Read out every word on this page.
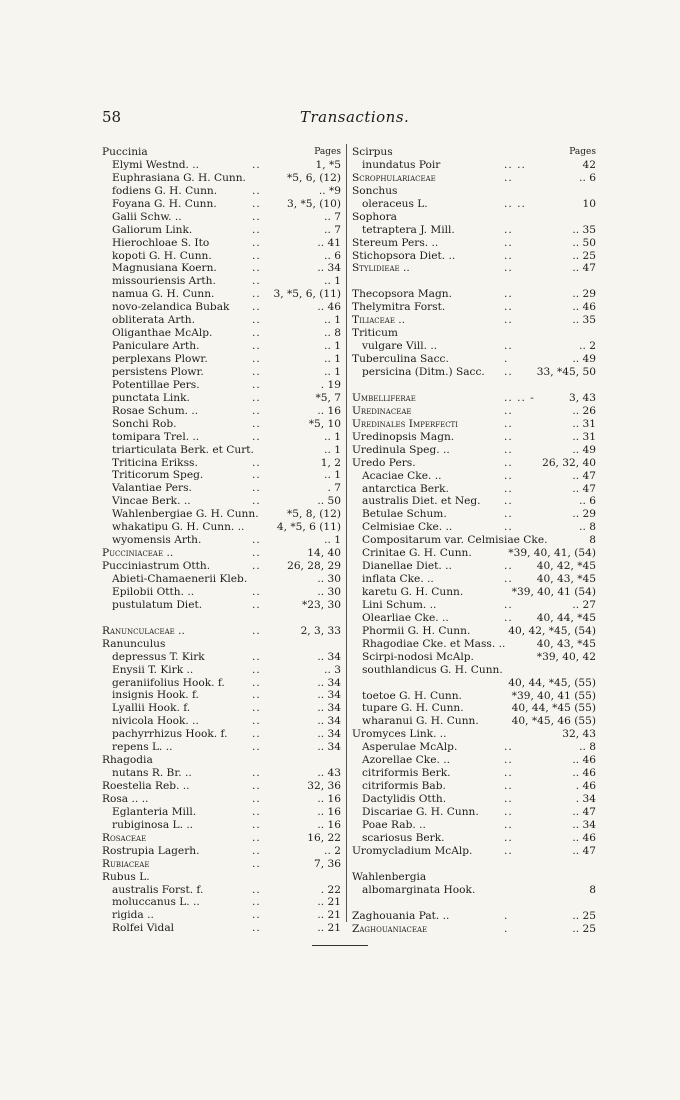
58	Transactions.
Puccinia	Pages
Elymi Westnd. ..	..	1, *5
Euphrasiana G. H. Cunn.	*5, 6, (12)
fodiens G. H. Cunn.	..	.. *9
Foyana G. H. Cunn.	.. 3, *5, (10)
Galii Schw. ..	..	.. 7
Galiorum Link.	..	.. 7
Hierochloae S. Ito	..	.. 41
kopoti G. H. Cunn.	..	.. 6
Magnusiana Koern.	..	.. 34
missouriensis Arth.	..	.. 1
namua G. H. Cunn.	.. 3, *5, 6, (11)
novo-zelandica Bubak ..	.. 46
obliterata Arth.	..	.. 1
Oliganthae McAlp.	..	.. 8
Paniculare Arth.	..	.. 1
perplexans Plowr.	..	.. 1
persistens Plowr.	..	.. 1
Potentillae Pers.	..	. 19
punctata Link.	..	*5, 7
Rosae Schum. ..	..	.. 16
Sonchi Rob.	..	*5, 10
tomipara Trel. ..	..	.. 1
triarticulata Berk. et Curt.	.. 1
Triticina Erikss.	..	1, 2
Triticorum Speg.	..	.. 1
Valantiae Pers.	..	. 7
Vincae Berk. ..	..	.. 50
Wahlenbergiae G. H. Cunn.	*5, 8, (12)
whakatipu G. H. Cunn. ..	4, *5, 6 (11)
wyomensis Arth.	..	.. 1
Pucciniaceae ..	..	14, 40
Pucciniastrum Otth.	.. 26, 28, 29
Abieti-Chamaenerii Kleb.	.. 30
Epilobii Otth. ..	..	.. 30
pustulatum Diet.	..	*23, 30
Ranunculaceae ..	..	2, 3, 33
Ranunculus
depressus T. Kirk	..	.. 34
Enysii T. Kirk ..	..	.. 3
geraniifolius Hook. f.	..	.. 34
insignis Hook. f.	..	.. 34
Lyallii Hook. f.	..	.. 34
nivicola Hook. ..	..	.. 34
pachyrrhizus Hook. f. ..	.. 34
repens L. ..	..	.. 34
Rhagodia
nutans R. Br. ..	..	.. 43
Roestelia Reb. ..	..	32, 36
Rosa .. ..	..	.. 16
Eglanteria Mill.	..	.. 16
rubiginosa L. ..	..	.. 16
Rosaceae	..	16, 22
Rostrupia Lagerh.	..	.. 2
Rubiaceae	..	7, 36
Rubus L.
australis Forst. f.	..	. 22
moluccanus L. ..	..	.. 21
rigida ..	..	.. 21
Rolfei Vidal	..	.. 21
Scirpus	Pages
inundatus Poir	.. ..	42
Scrophulariaceae	..	.. 6
Sonchus
oleraceus L.	.. ..	10
Sophora
tetraptera J. Mill.	..	.. 35
Stereum Pers. ..	..	.. 50
Stichopsora Diet. ..	..	.. 25
Stylidieae ..	..	.. 47
Thecopsora Magn.	..	.. 29
Thelymitra Forst.	..	.. 46
Tiliaceae ..	..	.. 35
Triticum
vulgare Vill. ..	..	.. 2
Tuberculina Sacc.	.	.. 49
persicina (Ditm.) Sacc. .. 33, *45, 50
Umbelliferae	.. .. -	3, 43
Uredinaceae	..	.. 26
Uredinales Imperfecti	..	.. 31
Uredinopsis Magn.	..	.. 31
Uredinula Speg. ..	..	.. 49
Uredo Pers.	..	26, 32, 40
Acaciae Cke. ..	..	.. 47
antarctica Berk.	..	.. 47
australis Diet. et Neg. ..	.. 6
Betulae Schum.	..	.. 29
Celmisiae Cke. ..	..	.. 8
Compositarum var. Celmisiae Cke.	8
Crinitae G. H. Cunn.	*39, 40, 41, (54)
Dianellae Diet. ..	.. 40, 42, *45
inflata Cke. ..	.. 40, 43, *45
karetu G. H. Cunn.	*39, 40, 41 (54)
Lini Schum. ..	..	.. 27
Olearliae Cke. ..	.. 40, 44, *45
Phormii G. H. Cunn.	40, 42, *45, (54)
Rhagodiae Cke. et Mass. ..	40, 43, *45
Scirpi-nodosi McAlp.	*39, 40, 42
southlandicus G. H. Cunn.
40, 44, *45, (55)
toetoe G. H. Cunn.	*39, 40, 41 (55)
tupare G. H. Cunn.	40, 44, *45 (55)
wharanui G. H. Cunn.	40, *45, 46 (55)
Uromyces Link. ..	32, 43
Asperulae McAlp.	..	.. 8
Azorellae Cke. ..	..	.. 46
citriformis Berk.	..	.. 46
citriformis Bab.	..	. 46
Dactylidis Otth.	..	. 34
Discariae G. H. Cunn. ..	.. 47
Poae Rab. ..	..	.. 34
scariosus Berk.	..	.. 46
Uromycladium McAlp.	..	.. 47
Wahlenbergia
albomarginata Hook.	8
Zaghouania Pat. ..	.	.. 25
Zaghouaniaceae	.	.. 25
